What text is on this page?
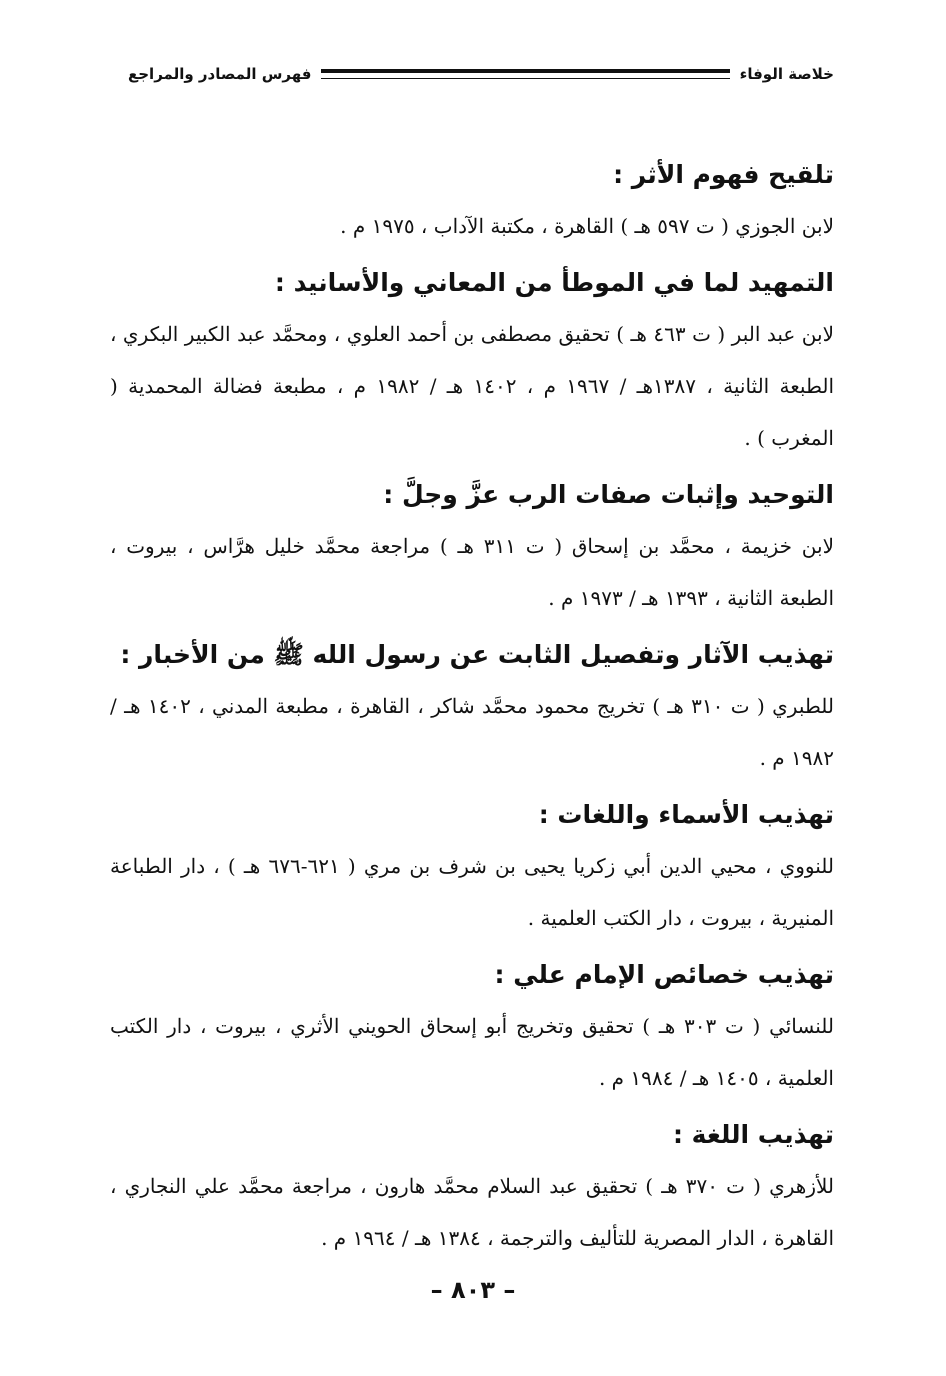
خلاصة الوفاء
فهرس المصادر والمراجع

تلقيح فهوم الأثر :

لابن الجوزي ( ت ٥٩٧ هـ ) القاهرة ، مكتبة الآداب ، ١٩٧٥ م .

التمهيد لما في الموطأ من المعاني والأسانيد :

لابن عبد البر ( ت ٤٦٣ هـ ) تحقيق مصطفى بن أحمد العلوي ، ومحمَّد عبد الكبير البكري ، الطبعة الثانية ، ١٣٨٧هـ / ١٩٦٧ م ، ١٤٠٢ هـ / ١٩٨٢ م ، مطبعة فضالة المحمدية ( المغرب ) .

التوحيد وإثبات صفات الرب عزَّ وجلَّ :

لابن خزيمة ، محمَّد بن إسحاق ( ت ٣١١ هـ ) مراجعة محمَّد خليل هرَّاس ، بيروت ، الطبعة الثانية ، ١٣٩٣ هـ / ١٩٧٣ م .

تهذيب الآثار وتفصيل الثابت عن رسول الله ﷺ من الأخبار :

للطبري ( ت ٣١٠ هـ ) تخريج محمود محمَّد شاكر ، القاهرة ، مطبعة المدني ، ١٤٠٢ هـ / ١٩٨٢ م .

تهذيب الأسماء واللغات :

للنووي ، محيي الدين أبي زكريا يحيى بن شرف بن مري ( ٦٢١-٦٧٦ هـ ) ، دار الطباعة المنيرية ، بيروت ، دار الكتب العلمية .

تهذيب خصائص الإمام علي :

للنسائي ( ت ٣٠٣ هـ ) تحقيق وتخريج أبو إسحاق الحويني الأثري ، بيروت ، دار الكتب العلمية ، ١٤٠٥ هـ / ١٩٨٤ م .

تهذيب اللغة :

للأزهري ( ت ٣٧٠ هـ ) تحقيق عبد السلام محمَّد هارون ، مراجعة محمَّد علي النجاري ، القاهرة ، الدار المصرية للتأليف والترجمة ، ١٣٨٤ هـ / ١٩٦٤ م .

– ٨٠٣ –
